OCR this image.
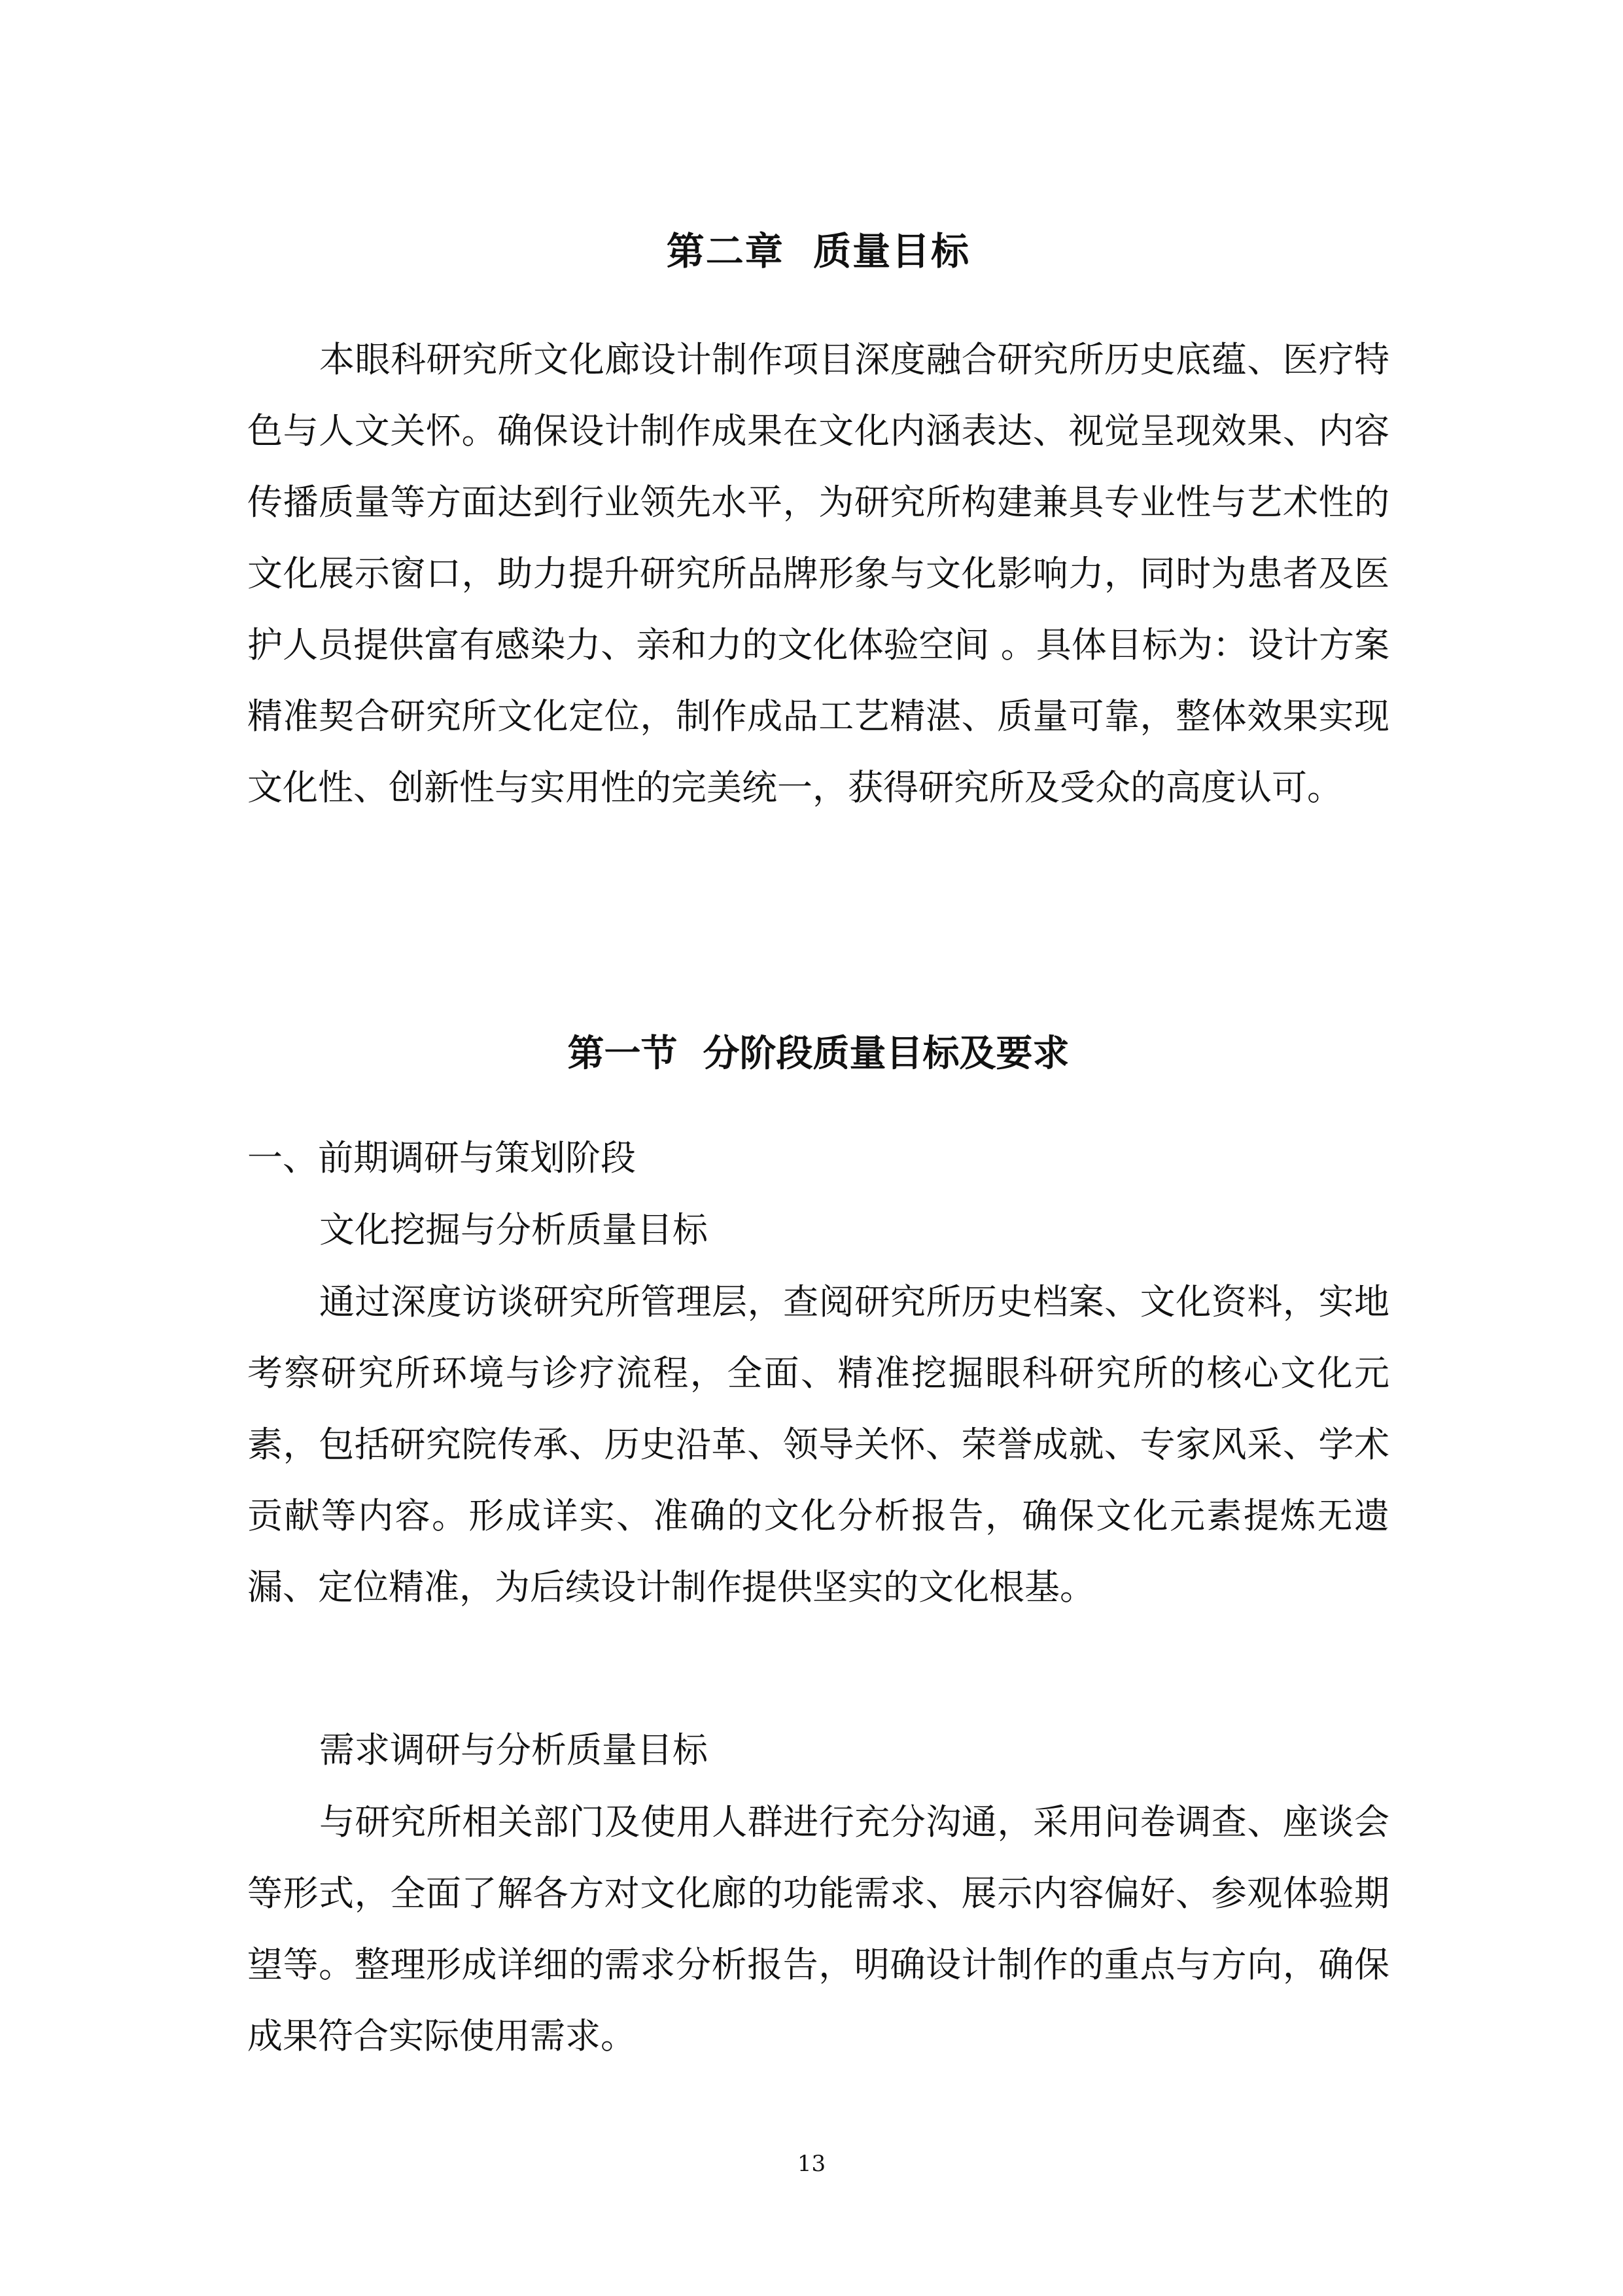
第二章  质量目标

本眼科研究所文化廊设计制作项目深度融合研究所历史底蕴、医疗特色与人文关怀。确保设计制作成果在文化内涵表达、视觉呈现效果、内容传播质量等方面达到行业领先水平，为研究所构建兼具专业性与艺术性的文化展示窗口，助力提升研究所品牌形象与文化影响力，同时为患者及医护人员提供富有感染力、亲和力的文化体验空间 。具体目标为：设计方案精准契合研究所文化定位，制作成品工艺精湛、质量可靠，整体效果实现文化性、创新性与实用性的完美统一，获得研究所及受众的高度认可。

第一节  分阶段质量目标及要求

一、前期调研与策划阶段

文化挖掘与分析质量目标

通过深度访谈研究所管理层，查阅研究所历史档案、文化资料，实地考察研究所环境与诊疗流程，全面、精准挖掘眼科研究所的核心文化元素，包括研究院传承、历史沿革、领导关怀、荣誉成就、专家风采、学术贡献等内容。形成详实、准确的文化分析报告，确保文化元素提炼无遗漏、定位精准，为后续设计制作提供坚实的文化根基。

需求调研与分析质量目标

与研究所相关部门及使用人群进行充分沟通，采用问卷调查、座谈会等形式，全面了解各方对文化廊的功能需求、展示内容偏好、参观体验期望等。整理形成详细的需求分析报告，明确设计制作的重点与方向，确保成果符合实际使用需求。

13
